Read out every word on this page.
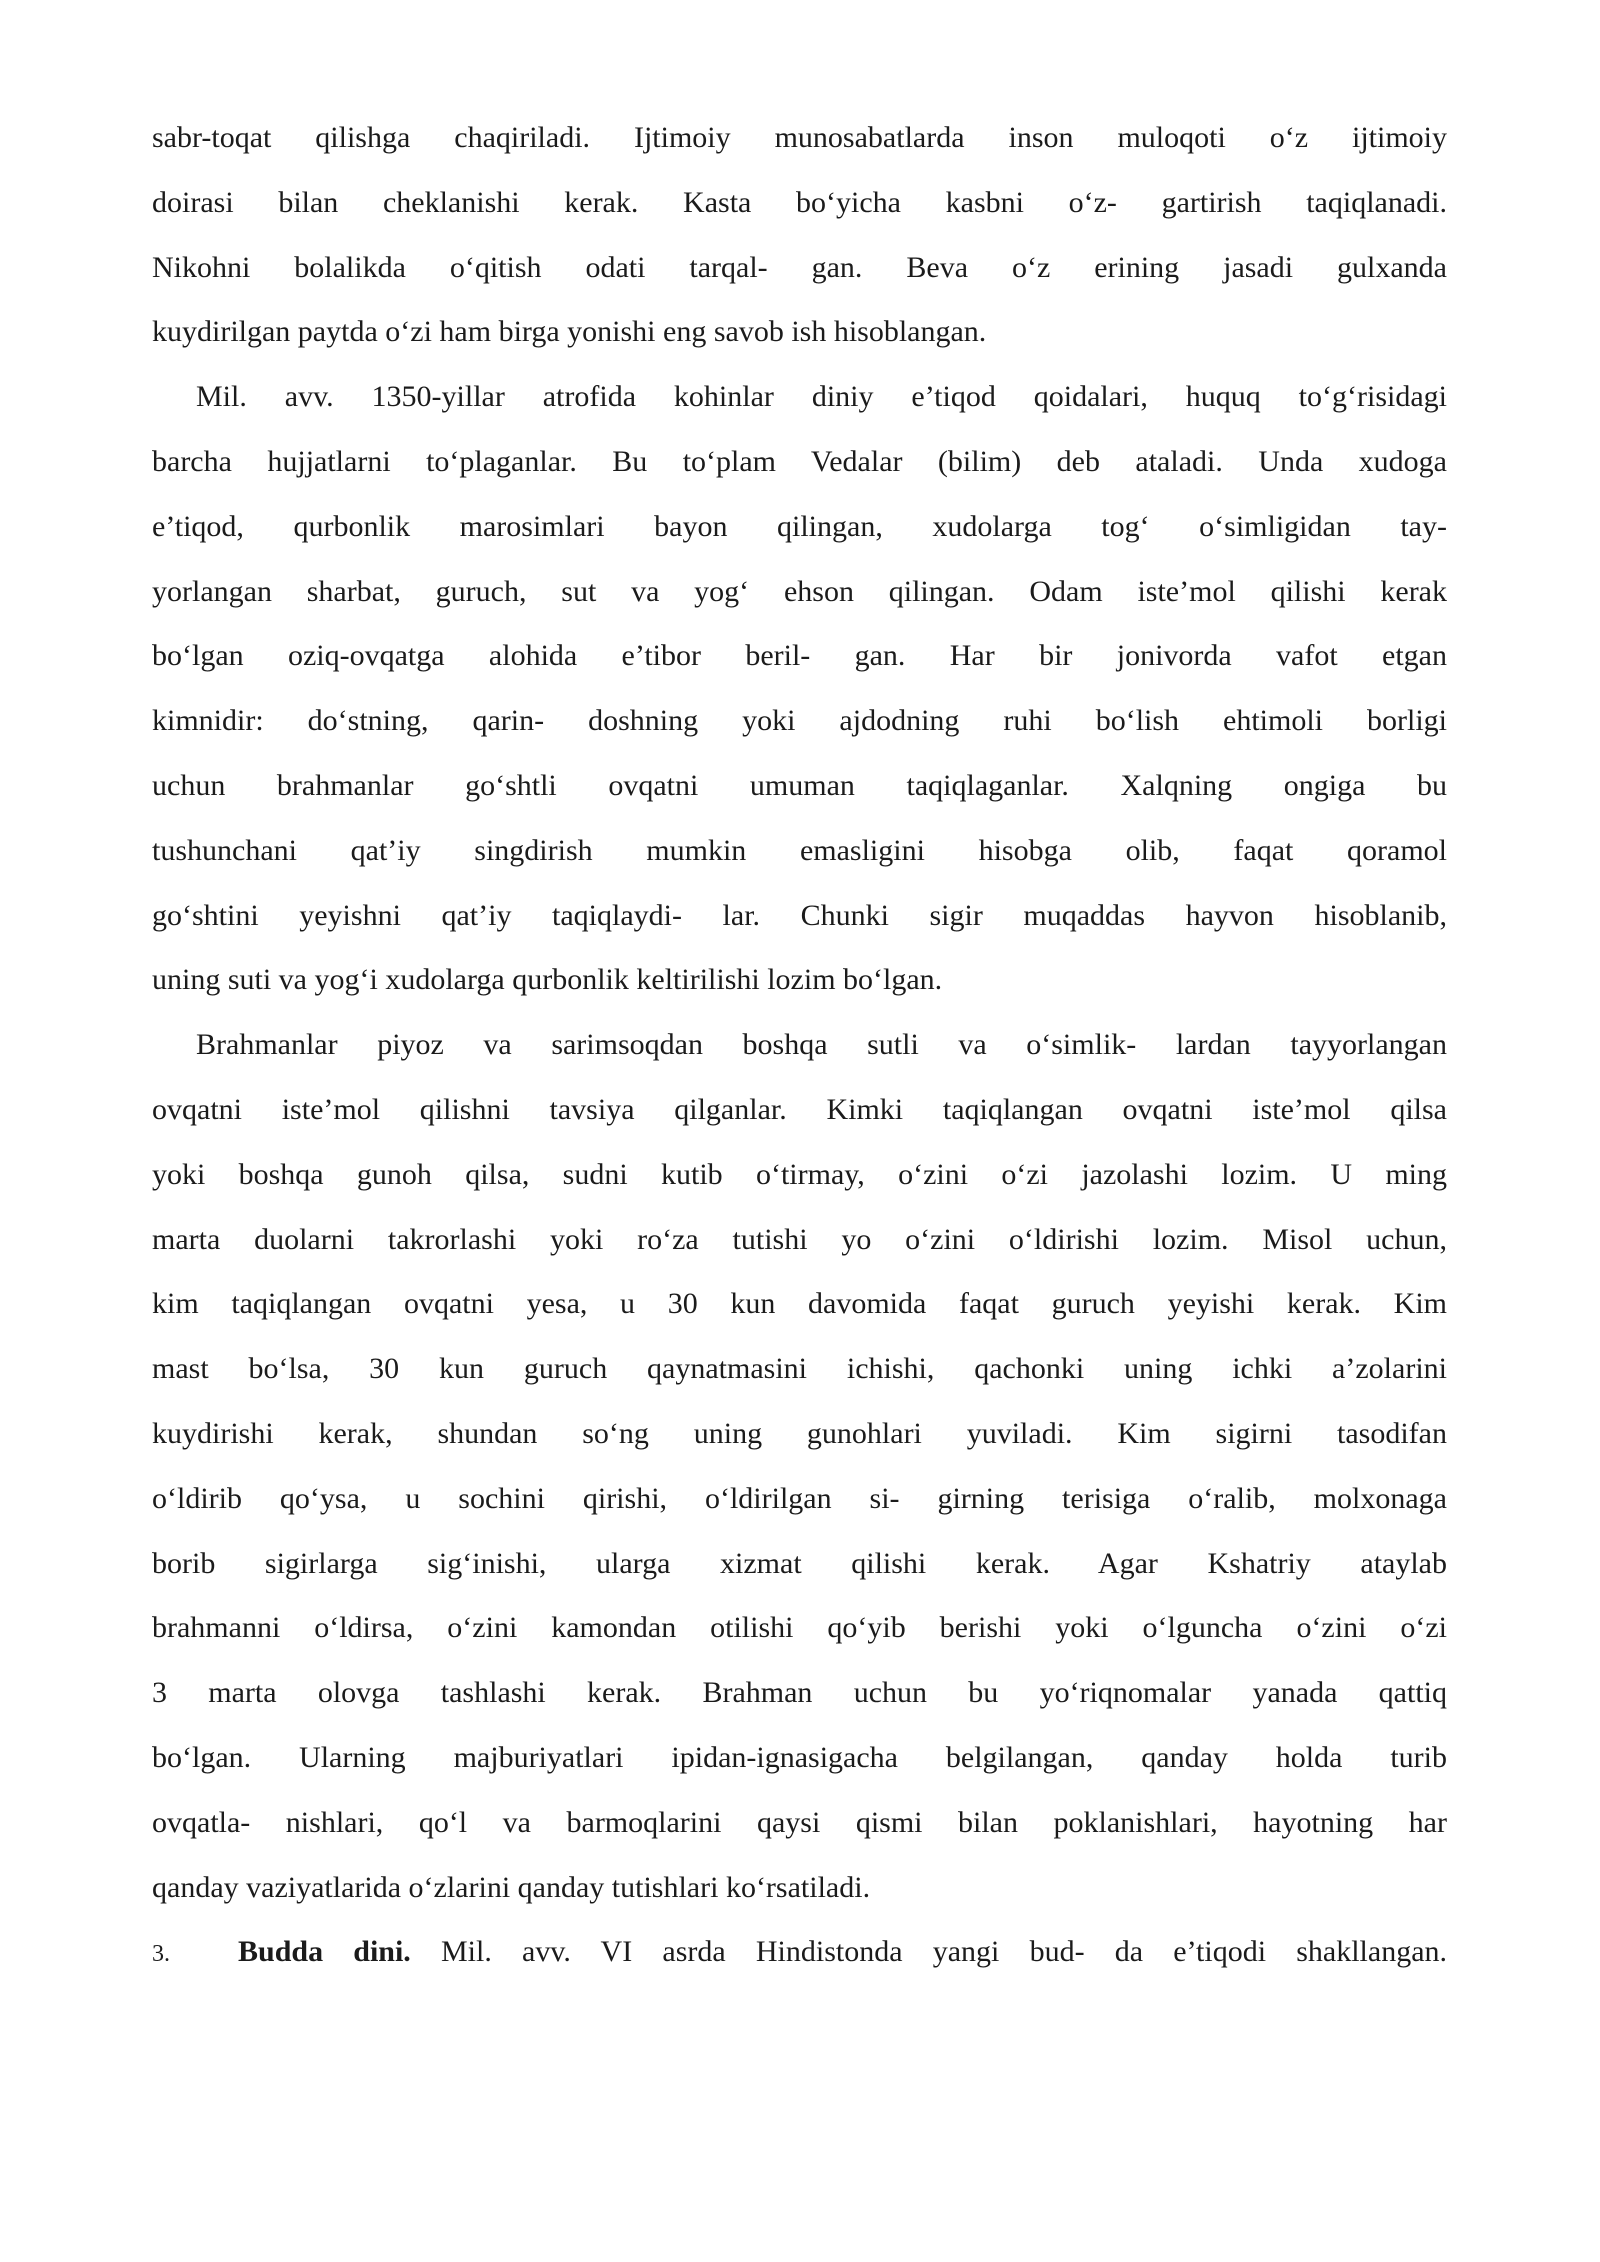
sabr-toqat qilishga chaqiriladi. Ijtimoiy munosabatlarda inson muloqoti o‘z ijtimoiy
doirasi bilan cheklanishi kerak. Kasta bo‘yicha kasbni o‘z- gartirish taqiqlanadi.
Nikohni bolalikda o‘qitish odati tarqal- gan. Beva o‘z erining jasadi gulxanda
kuydirilgan paytda o‘zi ham birga yonishi eng savob ish hisoblangan.
Mil. avv. 1350-yillar atrofida kohinlar diniy e’tiqod qoidalari, huquq to‘g‘risidagi
barcha hujjatlarni to‘plaganlar. Bu to‘plam Vedalar (bilim) deb ataladi. Unda xudoga
e’tiqod, qurbonlik marosimlari bayon qilingan, xudolarga tog‘ o‘simligidan tay-
yorlangan sharbat, guruch, sut va yog‘ ehson qilingan. Odam iste’mol qilishi kerak
bo‘lgan oziq-ovqatga alohida e’tibor beril- gan. Har bir jonivorda vafot etgan
kimnidir: do‘stning, qarin- doshning yoki ajdodning ruhi bo‘lish ehtimoli borligi
uchun brahmanlar go‘shtli ovqatni umuman taqiqlaganlar. Xalqning ongiga bu
tushunchani qat’iy singdirish mumkin emasligini hisobga olib, faqat qoramol
go‘shtini yeyishni qat’iy taqiqlaydi- lar. Chunki sigir muqaddas hayvon hisoblanib,
uning suti va yog‘i xudolarga qurbonlik keltirilishi lozim bo‘lgan.
Brahmanlar piyoz va sarimsoqdan boshqa sutli va o‘simlik- lardan tayyorlangan
ovqatni iste’mol qilishni tavsiya qilganlar. Kimki taqiqlangan ovqatni iste’mol qilsa
yoki boshqa gunoh qilsa, sudni kutib o‘tirmay, o‘zini o‘zi jazolashi lozim. U ming
marta duolarni takrorlashi yoki ro‘za tutishi yo o‘zini o‘ldirishi lozim. Misol uchun,
kim taqiqlangan ovqatni yesa, u 30 kun davomida faqat guruch yeyishi kerak. Kim
mast bo‘lsa, 30 kun guruch qaynatmasini ichishi, qachonki uning ichki a’zolarini
kuydirishi kerak, shundan so‘ng uning gunohlari yuviladi. Kim sigirni tasodifan
o‘ldirib qo‘ysa, u sochini qirishi, o‘ldirilgan si- girning terisiga o‘ralib, molxonaga
borib sigirlarga sig‘inishi, ularga xizmat qilishi kerak. Agar Kshatriy ataylab
brahmanni o‘ldirsa, o‘zini kamondan otilishi qo‘yib berishi yoki o‘lguncha o‘zini o‘zi
3 marta olovga tashlashi kerak. Brahman uchun bu yo‘riqnomalar yanada qattiq
bo‘lgan. Ularning majburiyatlari ipidan-ignasigacha belgilangan, qanday holda turib
ovqatla- nishlari, qo‘l va barmoqlarini qaysi qismi bilan poklanishlari, hayotning har
qanday vaziyatlarida o‘zlarini qanday tutishlari ko‘rsatiladi.
3. Budda dini. Mil. avv. VI asrda Hindistonda yangi bud- da e’tiqodi shakllangan.
